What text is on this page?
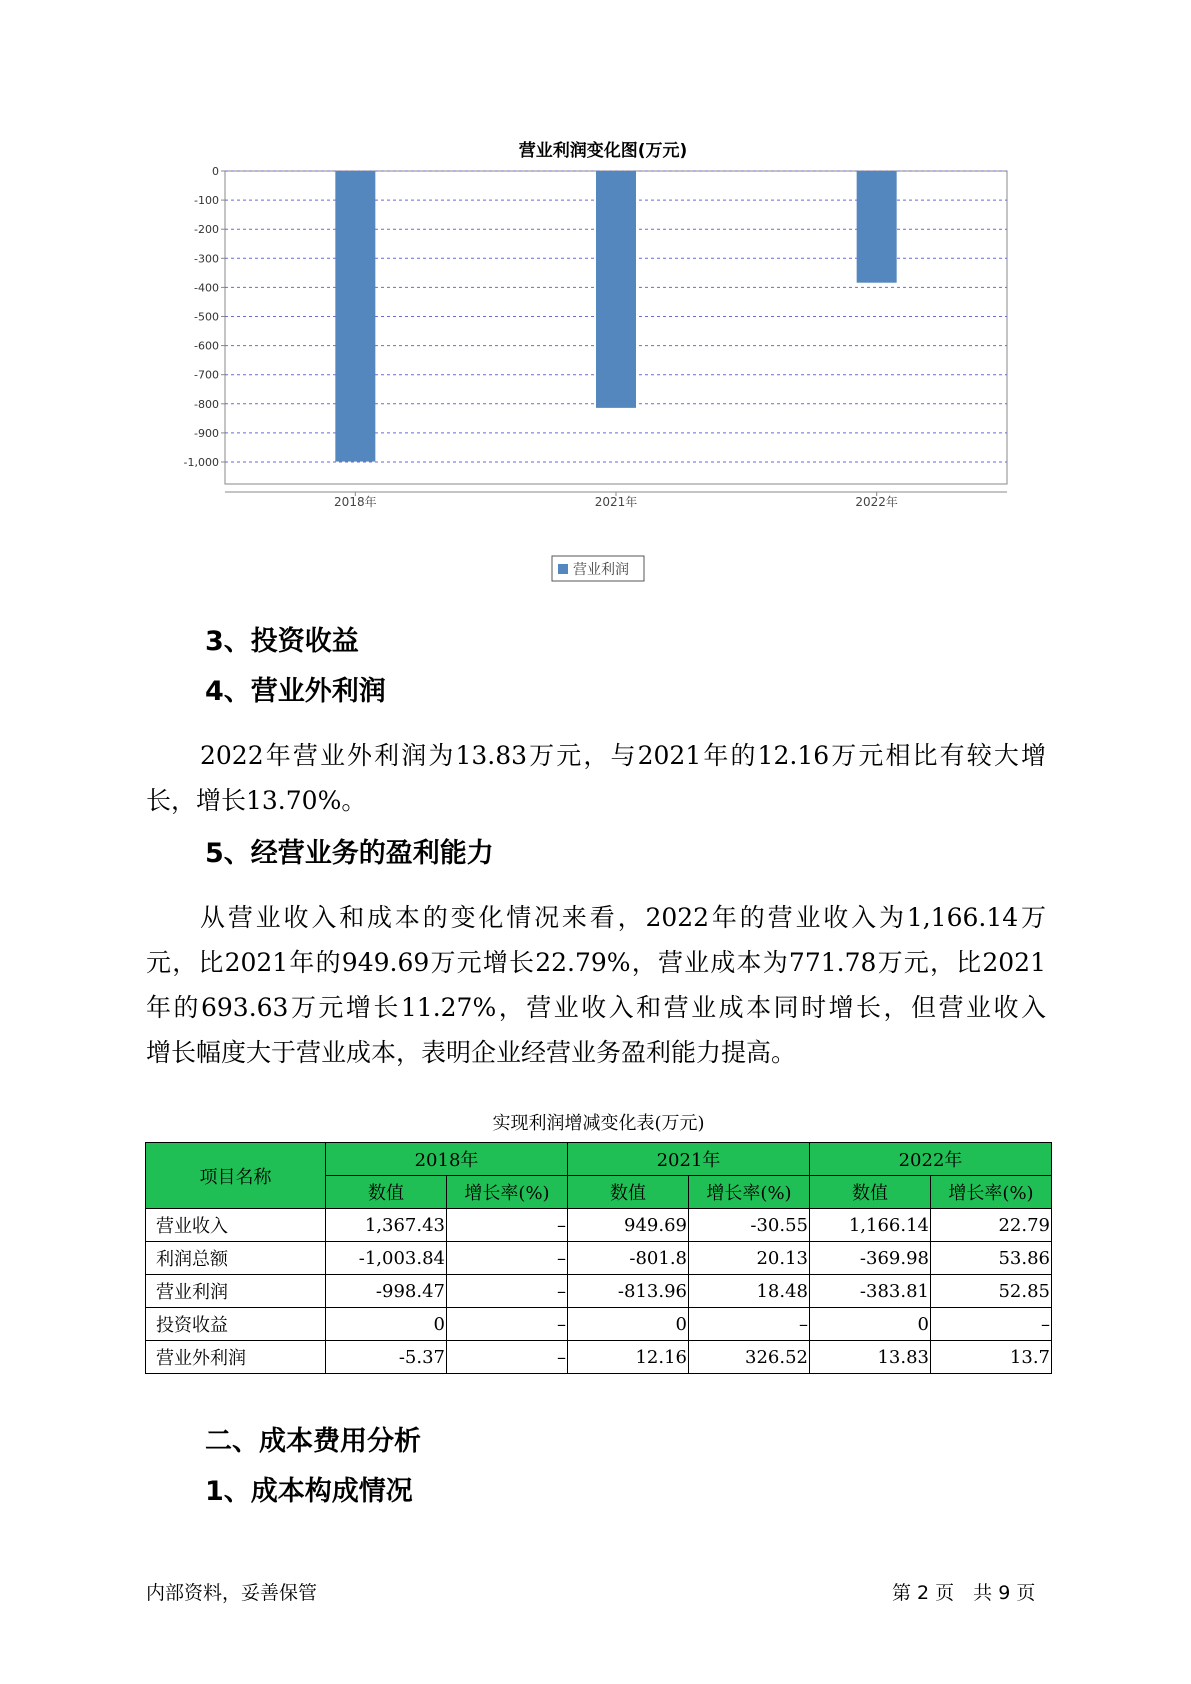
营业利润变化图(万元)
0
-100
-200
-300
-400
-500
-600
-700
-800
-900
-1,000
2018年	2021年	2022年
营业利润
3、投资收益
4、营业外利润

2022年营业外利润为13.83万元，与2021年的12.16万元相比有较大增
长，增长13.70%。

5、经营业务的盈利能力

从营业收入和成本的变化情况来看，2022年的营业收入为1,166.14万
元，比2021年的949.69万元增长22.79%，营业成本为771.78万元，比2021
年的693.63万元增长11.27%，营业收入和营业成本同时增长，但营业收入
增长幅度大于营业成本，表明企业经营业务盈利能力提高。

实现利润增减变化表(万元)
项目名称	2018年		2021年		2022年	
	数值	增长率(%)	数值	增长率(%)	数值	增长率(%)
营业收入	1,367.43	–	949.69	-30.55	1,166.14	22.79
利润总额	-1,003.84	–	-801.8	20.13	-369.98	53.86
营业利润	-998.47	–	-813.96	18.48	-383.81	52.85
投资收益	0	–	0	–	0	–
营业外利润	-5.37	–	12.16	326.52	13.83	13.7
二、成本费用分析
1、成本构成情况
内部资料，妥善保管	第 2 页　共 9 页
